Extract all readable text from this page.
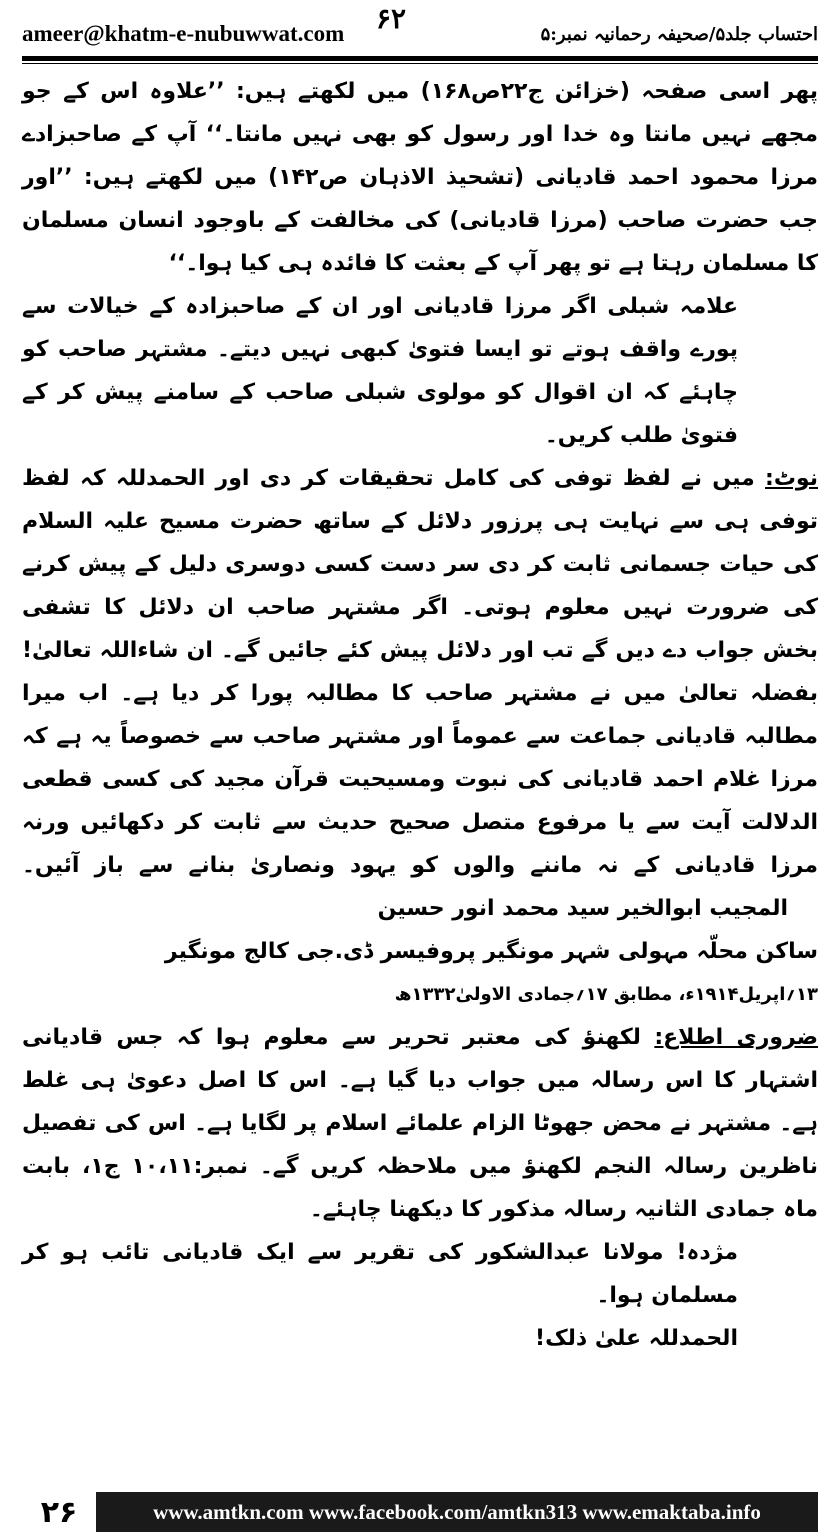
ameer@khatm-e-nubuwwat.com	احتساب جلد۵/صحیفہ رحمانیہ نمبر:۵
۶۲

پھر اسی صفحہ (خزائن ج۲۲ص۱۶۸) میں لکھتے ہیں: ’’علاوہ اس کے جو مجھے نہیں مانتا وہ خدا اور رسول کو بھی نہیں مانتا۔‘‘ آپ کے صاحبزادے مرزا محمود احمد قادیانی (تشحیذ الاذہان ص۱۴۲) میں لکھتے ہیں: ’’اور جب حضرت صاحب (مرزا قادیانی) کی مخالفت کے باوجود انسان مسلمان کا مسلمان رہتا ہے تو پھر آپ کے بعثت کا فائدہ ہی کیا ہوا۔‘‘

علامہ شبلی اگر مرزا قادیانی اور ان کے صاحبزادہ کے خیالات سے پورے واقف ہوتے تو ایسا فتویٰ کبھی نہیں دیتے۔ مشتہر صاحب کو چاہئے کہ ان اقوال کو مولوی شبلی صاحب کے سامنے پیش کر کے فتویٰ طلب کریں۔

نوٹ: میں نے لفظ توفی کی کامل تحقیقات کر دی اور الحمدللہ کہ لفظ توفی ہی سے نہایت ہی پرزور دلائل کے ساتھ حضرت مسیح علیہ السلام کی حیات جسمانی ثابت کر دی سر دست کسی دوسری دلیل کے پیش کرنے کی ضرورت نہیں معلوم ہوتی۔ اگر مشتہر صاحب ان دلائل کا تشفی بخش جواب دے دیں گے تب اور دلائل پیش کئے جائیں گے۔ ان شاءاللہ تعالیٰ! بفضلہ تعالیٰ میں نے مشتہر صاحب کا مطالبہ پورا کر دیا ہے۔ اب میرا مطالبہ قادیانی جماعت سے عموماً اور مشتہر صاحب سے خصوصاً یہ ہے کہ مرزا غلام احمد قادیانی کی نبوت ومسیحیت قرآن مجید کی کسی قطعی الدلالت آیت سے یا مرفوع متصل صحیح حدیث سے ثابت کر دکھائیں ورنہ مرزا قادیانی کے نہ ماننے والوں کو یہود ونصاریٰ بنانے سے باز آئیں۔ المجیب ابوالخیر سید محمد انور حسین

ساکن محلّہ مہولی شہر مونگیر پروفیسر ڈی.جی کالج مونگیر

۱۳؍اپریل۱۹۱۴ء، مطابق ۱۷؍جمادی الاولیٰ۱۳۳۲ھ

ضروری اطلاع: لکھنؤ کی معتبر تحریر سے معلوم ہوا کہ جس قادیانی اشتہار کا اس رسالہ میں جواب دیا گیا ہے۔ اس کا اصل دعویٰ ہی غلط ہے۔ مشتہر نے محض جھوٹا الزام علمائے اسلام پر لگایا ہے۔ اس کی تفصیل ناظرین رسالہ النجم لکھنؤ میں ملاحظہ کریں گے۔ نمبر:۱۰،۱۱ ج۱، بابت ماہ جمادی الثانیہ رسالہ مذکور کا دیکھنا چاہئے۔

مژدہ! مولانا عبدالشکور کی تقریر سے ایک قادیانی تائب ہو کر مسلمان ہوا۔

الحمدللہ علیٰ ذلک!

۲۶	www.amtkn.com www.facebook.com/amtkn313 www.emaktaba.info
